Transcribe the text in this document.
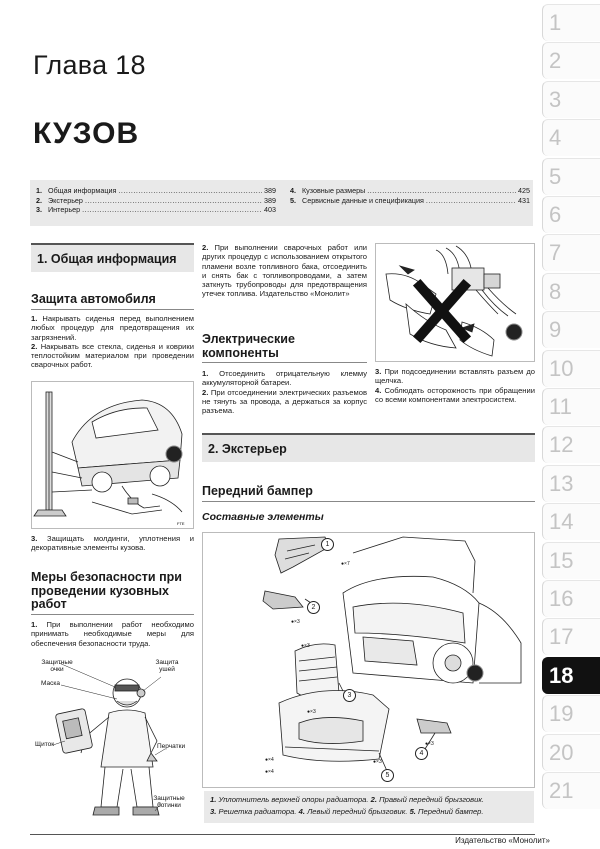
Глава 18
КУЗОВ
1
2
3
4
5
6
7
8
9
10
11
12
13
14
15
16
17
18
19
20
21
1. Общая информация .....	389
2. Экстерьер .....	389
3. Интерьер .....	403
4. Кузовные размеры .....	425
5. Сервисные данные и спецификация .....	431
1. Общая информация
Защита автомобиля

1. Накрывать сиденья перед выполнением любых процедур для предотвращения их загрязнений.

2. Накрывать все стекла, сиденья и коврики теплостойким материалом при проведении сварочных работ.

FTE

3. Защищать молдинги, уплотнения и декоративные элементы кузова.

Меры безопасности при проведении кузовных работ

1. При выполнении работ необходимо принимать необходимые меры для обеспечения безопасности труда.

Защитные очки
Маска
Защита ушей
Щиток	Перчатки
Защитные ботинки

2. При выполнении сварочных работ или других процедур с использованием открытого пламени возле топливного бака, отсоединить и снять бак с топливопроводами, а затем заткнуть трубопроводы для предотвращения утечек топлива. Издательство «Монолит»

Электрические компоненты

1. Отсоединить отрицательную клемму аккумуляторной батареи.

2. При отсоединении электрических разъемов не тянуть за провода, а держаться за корпус разъема.

3. При подсоединении вставлять разъем до щелчка.

4. Соблюдать осторожность при обращении со всеми компонентами электросистем.

2. Экстерьер
Передний бампер
Составные элементы
●×7
●×3
●×3
●×3
●×3
●×4
●×4
●×3
1
2
3
4
5
1. Уплотнитель верхней опоры радиатора. 2. Правый передний брызговик.
3. Решетка радиатора. 4. Левый передний брызговик. 5. Передний бампер.
Издательство «Монолит»
